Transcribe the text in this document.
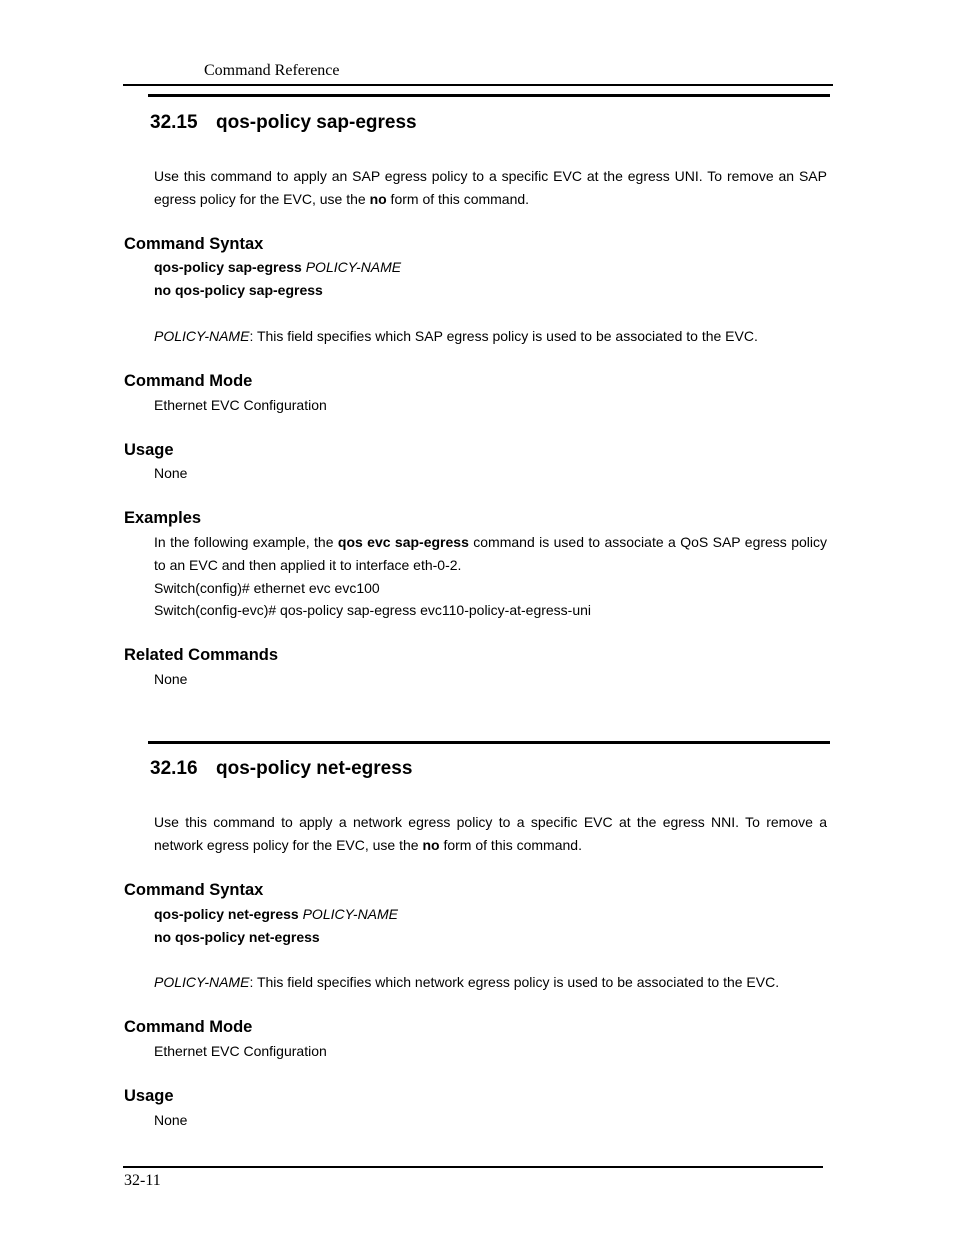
Command Reference
32.15 qos-policy sap-egress

Use this command to apply an SAP egress policy to a specific EVC at the egress UNI. To remove an SAP egress policy for the EVC, use the no form of this command.

Command Syntax
qos-policy sap-egress POLICY-NAME
no qos-policy sap-egress
POLICY-NAME: This field specifies which SAP egress policy is used to be associated to the EVC.
Command Mode
Ethernet EVC Configuration
Usage
None
Examples

In the following example, the qos evc sap-egress command is used to associate a QoS SAP egress policy to an EVC and then applied it to interface eth-0-2.

Switch(config)# ethernet evc evc100
Switch(config-evc)# qos-policy sap-egress evc110-policy-at-egress-uni
Related Commands
None
32.16 qos-policy net-egress

Use this command to apply a network egress policy to a specific EVC at the egress NNI. To remove a network egress policy for the EVC, use the no form of this command.

Command Syntax
qos-policy net-egress POLICY-NAME
no qos-policy net-egress
POLICY-NAME: This field specifies which network egress policy is used to be associated to the EVC.
Command Mode
Ethernet EVC Configuration
Usage
None
32-11
